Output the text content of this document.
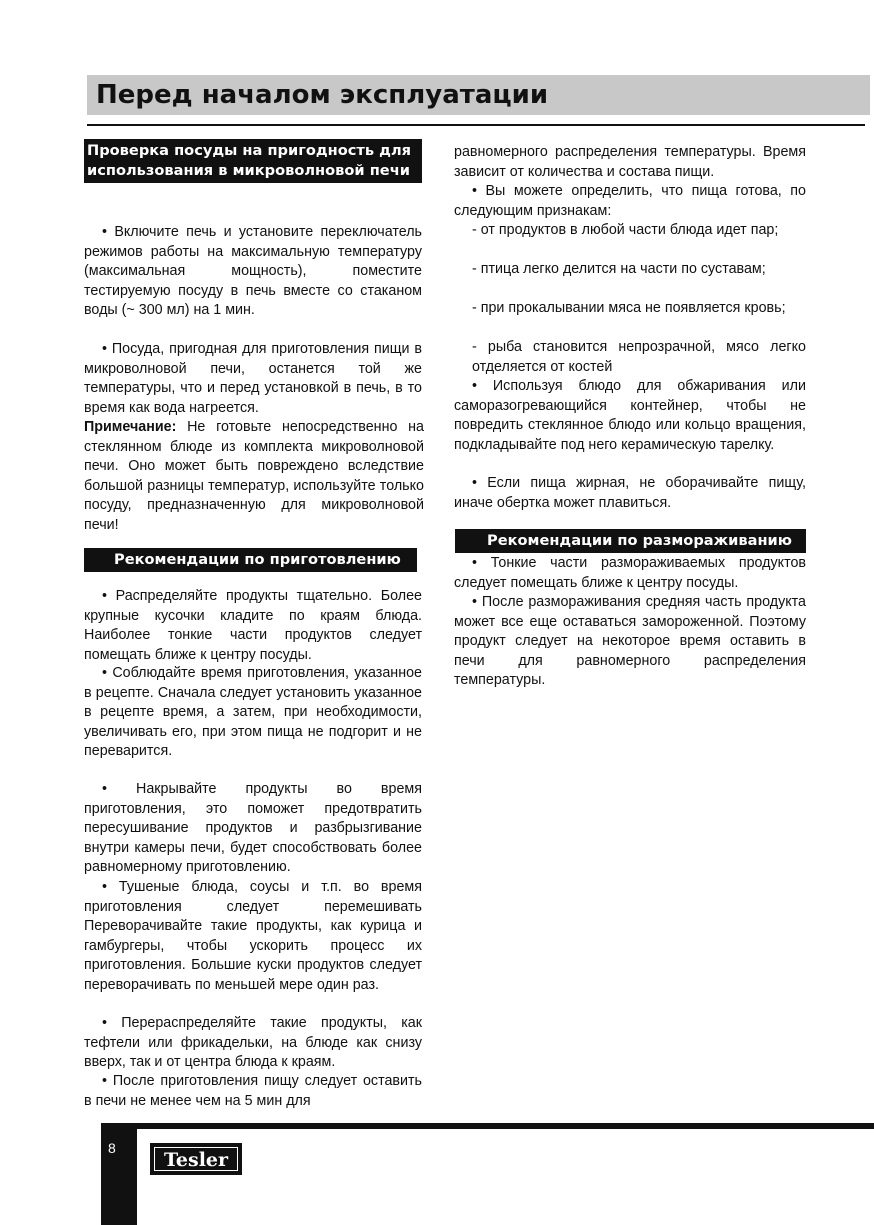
Перед началом эксплуатации
Проверка посуды на пригодность для использования в микроволновой печи

• Включите печь и установите переключатель режимов работы на максимальную температуру (максимальная мощность), поместите тестируемую посуду в печь вместе со стаканом воды (~ 300 мл) на 1 мин.

• Посуда, пригодная для приготовления пищи в микроволновой печи, останется той же температуры, что и перед установкой в печь, в то время как вода нагреется.

Примечание: Не готовьте непосредственно на стеклянном блюде из комплекта микроволновой печи. Оно может быть повреждено вследствие большой разницы температур, используйте только посуду, предназначенную для микроволновой печи!

Рекомендации по приготовлению

• Распределяйте продукты тщательно. Более крупные кусочки кладите по краям блюда. Наиболее тонкие части продуктов следует помещать ближе к центру посуды.

• Соблюдайте время приготовления, указанное в рецепте. Сначала следует установить указанное в рецепте время, а затем, при необходимости, увеличивать его, при этом пища не подгорит и не переварится.

• Накрывайте продукты во время приготовления, это поможет предотвратить пересушивание продуктов и разбрызгивание внутри камеры печи, будет способствовать более равномерному приготовлению.

• Тушеные блюда, соусы и т.п. во время приготовления следует перемешивать Переворачивайте такие продукты, как курица и гамбургеры, чтобы ускорить процесс их приготовления. Большие куски продуктов следует переворачивать по меньшей мере один раз.

• Перераспределяйте такие продукты, как тефтели или фрикадельки, на блюде как снизу вверх, так и от центра блюда к краям.

• После приготовления пищу следует оставить в печи не менее чем на 5 мин для

равномерного распределения температуры. Время зависит от количества и состава пищи.

• Вы можете определить, что пища готова, по следующим признакам:

- от продуктов в любой части блюда идет пар;

- птица легко делится на части по суставам;

- при прокалывании мяса не появляется кровь;

- рыба становится непрозрачной, мясо легко отделяется от костей

• Используя блюдо для обжаривания или саморазогревающийся контейнер, чтобы не повредить стеклянное блюдо или кольцо вращения, подкладывайте под него керамическую тарелку.

• Если пища жирная, не оборачивайте пищу, иначе обертка может плавиться.

Рекомендации по размораживанию

• Тонкие части размораживаемых продуктов следует помещать ближе к центру посуды.

• После размораживания средняя часть продукта может все еще оставаться замороженной. Поэтому продукт следует на некоторое время оставить в печи для равномерного распределения температуры.

8
Tesler
